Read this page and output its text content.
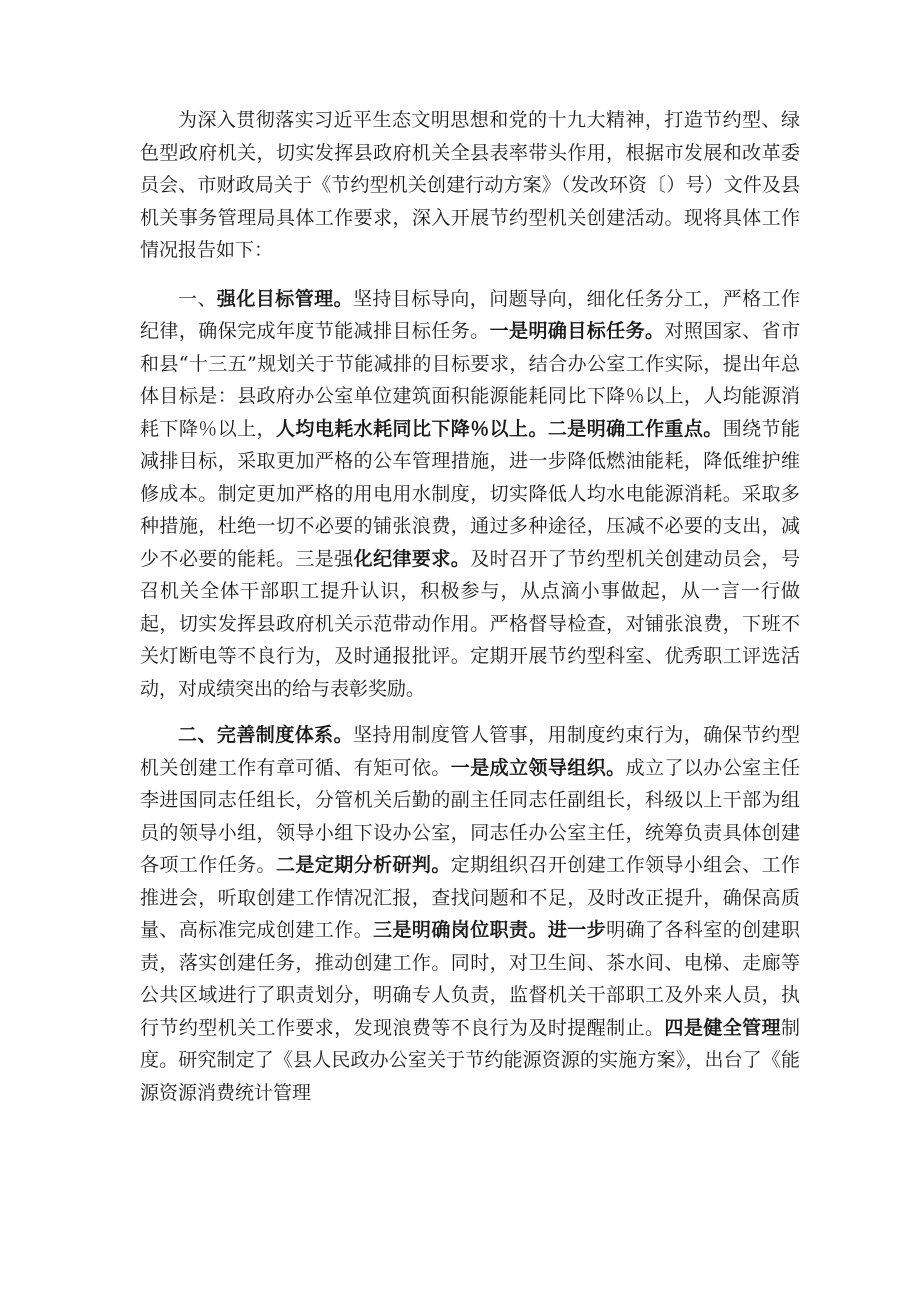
为深入贯彻落实习近平生态文明思想和党的十九大精神，打造节约型、绿色型政府机关，切实发挥县政府机关全县表率带头作用，根据市发展和改革委员会、市财政局关于《节约型机关创建行动方案》（发改环资〔）号）文件及县机关事务管理局具体工作要求，深入开展节约型机关创建活动。现将具体工作情况报告如下：

一、强化目标管理。坚持目标导向，问题导向，细化任务分工，严格工作纪律，确保完成年度节能减排目标任务。一是明确目标任务。对照国家、省市和县“十三五”规划关于节能减排的目标要求，结合办公室工作实际，提出年总体目标是：县政府办公室单位建筑面积能源能耗同比下降％以上，人均能源消耗下降％以上，人均电耗水耗同比下降％以上。二是明确工作重点。围绕节能减排目标，采取更加严格的公车管理措施，进一步降低燃油能耗，降低维护维修成本。制定更加严格的用电用水制度，切实降低人均水电能源消耗。采取多种措施，杜绝一切不必要的铺张浪费，通过多种途径，压减不必要的支出，减少不必要的能耗。三是强化纪律要求。及时召开了节约型机关创建动员会，号召机关全体干部职工提升认识，积极参与，从点滴小事做起，从一言一行做起，切实发挥县政府机关示范带动作用。严格督导检查，对铺张浪费，下班不关灯断电等不良行为，及时通报批评。定期开展节约型科室、优秀职工评选活动，对成绩突出的给与表彰奖励。

二、完善制度体系。坚持用制度管人管事，用制度约束行为，确保节约型机关创建工作有章可循、有矩可依。一是成立领导组织。成立了以办公室主任李进国同志任组长，分管机关后勤的副主任同志任副组长，科级以上干部为组员的领导小组，领导小组下设办公室，同志任办公室主任，统筹负责具体创建各项工作任务。二是定期分析研判。定期组织召开创建工作领导小组会、工作推进会，听取创建工作情况汇报，查找问题和不足，及时改正提升，确保高质量、高标准完成创建工作。三是明确岗位职责。进一步明确了各科室的创建职责，落实创建任务，推动创建工作。同时，对卫生间、茶水间、电梯、走廊等公共区域进行了职责划分，明确专人负责，监督机关干部职工及外来人员，执行节约型机关工作要求，发现浪费等不良行为及时提醒制止。四是健全管理制度。研究制定了《县人民政办公室关于节约能源资源的实施方案》，出台了《能源资源消费统计管理
